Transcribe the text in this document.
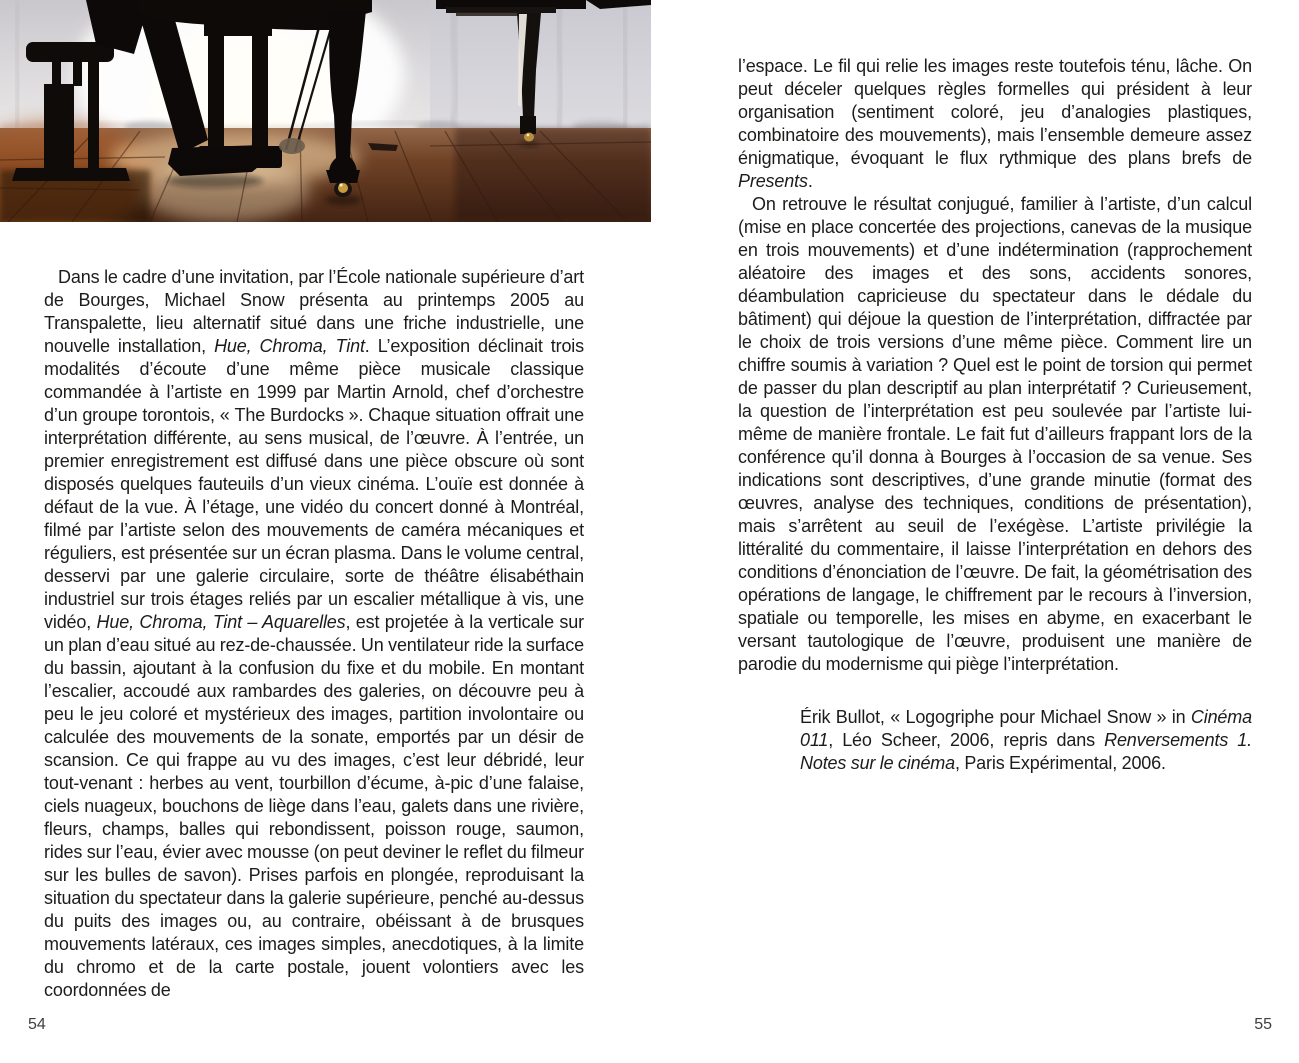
Dans le cadre d’une invitation, par l’École nationale supérieure d’art de Bourges, Michael Snow présenta au printemps 2005 au Transpalette, lieu alternatif situé dans une friche industrielle, une nouvelle installation, Hue, Chroma, Tint. L’exposition déclinait trois modalités d’écoute d’une même pièce musicale classique commandée à l’artiste en 1999 par Martin Arnold, chef d’orchestre d’un groupe torontois, « The Burdocks ». Chaque situation offrait une interprétation différente, au sens musical, de l’œuvre. À l’entrée, un premier enregistrement est diffusé dans une pièce obscure où sont disposés quelques fauteuils d’un vieux cinéma. L’ouïe est donnée à défaut de la vue. À l’étage, une vidéo du concert donné à Montréal, filmé par l’artiste selon des mouvements de caméra mécaniques et réguliers, est présentée sur un écran plasma. Dans le volume central, desservi par une galerie circulaire, sorte de théâtre élisabéthain industriel sur trois étages reliés par un escalier métallique à vis, une vidéo, Hue, Chroma, Tint – Aquarelles, est projetée à la verticale sur un plan d’eau situé au rez-de-chaussée. Un ventilateur ride la surface du bassin, ajoutant à la confusion du fixe et du mobile. En montant l’escalier, accoudé aux rambardes des galeries, on découvre peu à peu le jeu coloré et mystérieux des images, partition involontaire ou calculée des mouvements de la sonate, emportés par un désir de scansion. Ce qui frappe au vu des images, c’est leur débridé, leur tout-venant : herbes au vent, tourbillon d’écume, à-pic d’une falaise, ciels nuageux, bouchons de liège dans l’eau, galets dans une rivière, fleurs, champs, balles qui rebondissent, poisson rouge, saumon, rides sur l’eau, évier avec mousse (on peut deviner le reflet du filmeur sur les bulles de savon). Prises parfois en plongée, reproduisant la situation du spectateur dans la galerie supérieure, penché au-dessus du puits des images ou, au contraire, obéissant à de brusques mouvements latéraux, ces images simples, anecdotiques, à la limite du chromo et de la carte postale, jouent volontiers avec les coordonnées de
l’espace. Le fil qui relie les images reste toutefois ténu, lâche. On peut déceler quelques règles formelles qui président à leur organisation (sentiment coloré, jeu d’analogies plastiques, combinatoire des mouvements), mais l’ensemble demeure assez énigmatique, évoquant le flux rythmique des plans brefs de Presents.
On retrouve le résultat conjugué, familier à l’artiste, d’un calcul (mise en place concertée des projections, canevas de la musique en trois mouvements) et d’une indétermination (rapprochement aléatoire des images et des sons, accidents sonores, déambulation capricieuse du spectateur dans le dédale du bâtiment) qui déjoue la question de l’interprétation, diffractée par le choix de trois versions d’une même pièce. Comment lire un chiffre soumis à variation ? Quel est le point de torsion qui permet de passer du plan descriptif au plan interprétatif ? Curieusement, la question de l’interprétation est peu soulevée par l’artiste lui-même de manière frontale. Le fait fut d’ailleurs frappant lors de la conférence qu’il donna à Bourges à l’occasion de sa venue. Ses indications sont descriptives, d’une grande minutie (format des œuvres, analyse des techniques, conditions de présentation), mais s’arrêtent au seuil de l’exégèse. L’artiste privilégie la littéralité du commentaire, il laisse l’interprétation en dehors des conditions d’énonciation de l’œuvre. De fait, la géométrisation des opérations de langage, le chiffrement par le recours à l’inversion, spatiale ou temporelle, les mises en abyme, en exacerbant le versant tautologique de l’œuvre, produisent une manière de parodie du modernisme qui piège l’interprétation.
Érik Bullot, « Logogriphe pour Michael Snow » in Cinéma 011, Léo Scheer, 2006, repris dans Renversements 1. Notes sur le cinéma, Paris Expérimental, 2006.
54	55
